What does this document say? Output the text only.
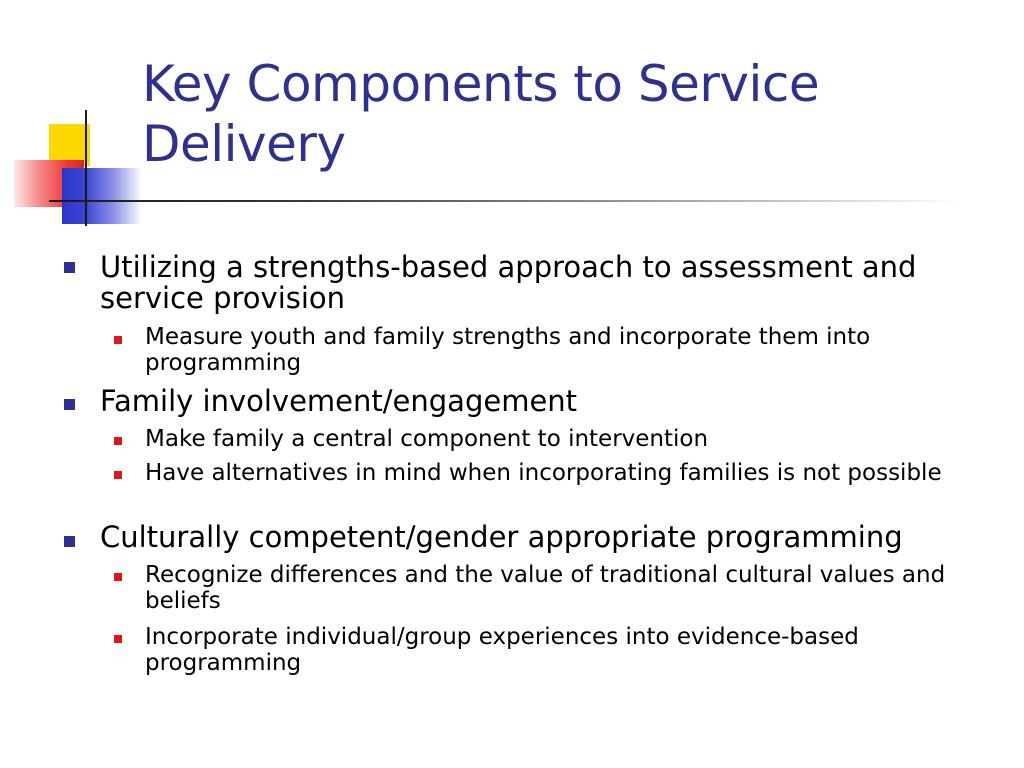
Key Components to Service Delivery
Utilizing a strengths-based approach to assessment and service provision
Measure youth and family strengths and incorporate them into programming
Family involvement/engagement
Make family a central component to intervention
Have alternatives in mind when incorporating families is not possible
Culturally competent/gender appropriate programming
Recognize differences and the value of traditional cultural values and beliefs
Incorporate individual/group experiences into evidence-based programming
